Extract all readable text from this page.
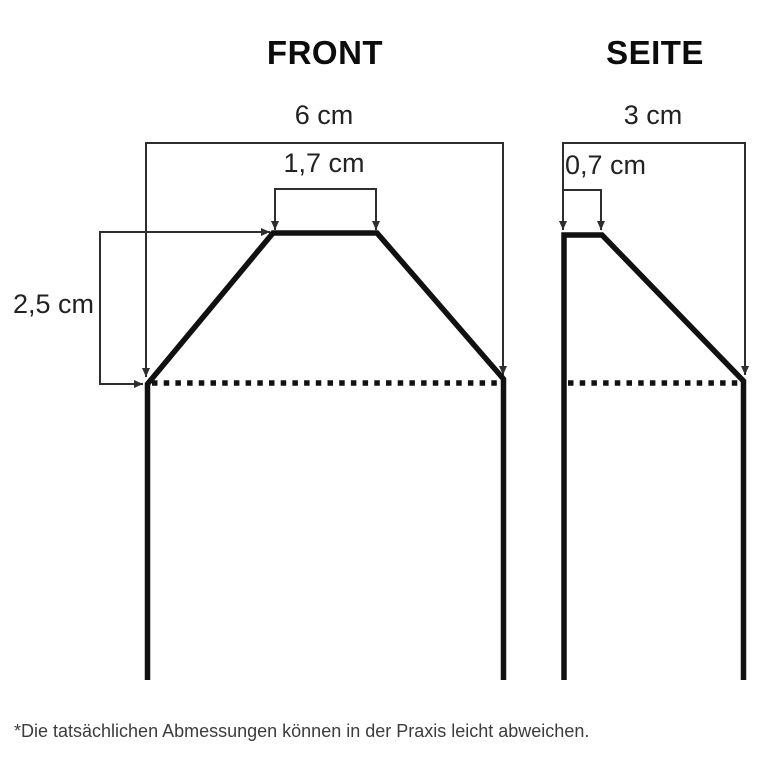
FRONT	SEITE
6 cm
1,7 cm
2,5 cm
3 cm
0,7 cm
*Die tatsächlichen Abmessungen können in der Praxis leicht abweichen.
